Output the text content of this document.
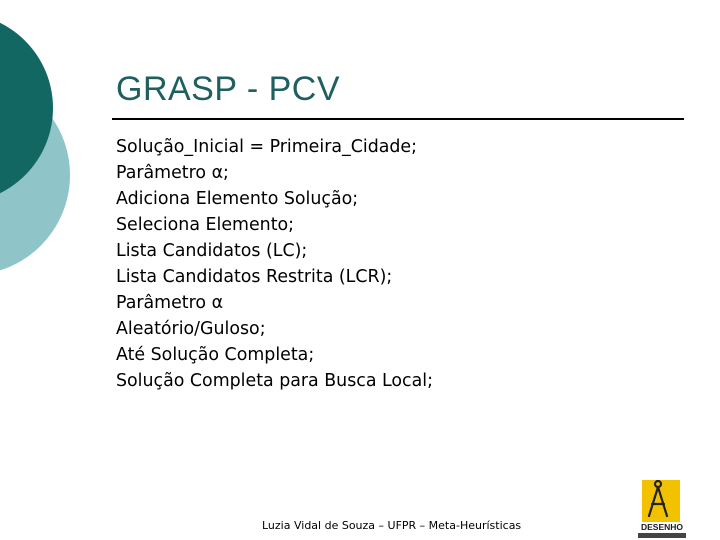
GRASP - PCV
Solução_Inicial = Primeira_Cidade;
Parâmetro α;
Adiciona Elemento Solução;
Seleciona Elemento;
Lista Candidatos (LC);
Lista Candidatos Restrita (LCR);
Parâmetro α
Aleatório/Guloso;
Até Solução Completa;
Solução Completa para Busca Local;
Luzia Vidal de Souza – UFPR – Meta-Heurísticas	DESENHO
